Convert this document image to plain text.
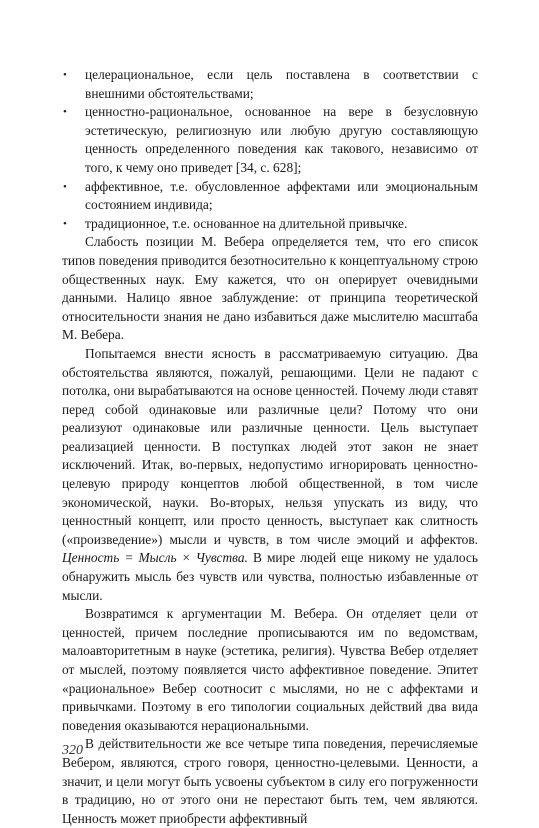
• целерациональное, если цель поставлена в соответствии с внешними обстоятельствами;
• ценностно-рациональное, основанное на вере в безусловную эстетическую, религиозную или любую другую составляющую ценность определенного поведения как такового, независимо от того, к чему оно приведет [34, с. 628];
• аффективное, т.е. обусловленное аффектами или эмоциональным состоянием индивида;
• традиционное, т.е. основанное на длительной привычке.

Слабость позиции М. Вебера определяется тем, что его список типов поведения приводится безотносительно к концептуальному строю общественных наук. Ему кажется, что он оперирует очевидными данными. Налицо явное заблуждение: от принципа теоретической относительности знания не дано избавиться даже мыслителю масштаба М. Вебера.

Попытаемся внести ясность в рассматриваемую ситуацию. Два обстоятельства являются, пожалуй, решающими. Цели не падают с потолка, они вырабатываются на основе ценностей. Почему люди ставят перед собой одинаковые или различные цели? Потому что они реализуют одинаковые или различные ценности. Цель выступает реализацией ценности. В поступках людей этот закон не знает исключений. Итак, во-первых, недопустимо игнорировать ценностно-целевую природу концептов любой общественной, в том числе экономической, науки. Во-вторых, нельзя упускать из виду, что ценностный концепт, или просто ценность, выступает как слитность («произведение») мысли и чувств, в том числе эмоций и аффектов. Ценность = Мысль × Чувства. В мире людей еще никому не удалось обнаружить мысль без чувств или чувства, полностью избавленные от мысли.

Возвратимся к аргументации М. Вебера. Он отделяет цели от ценностей, причем последние прописываются им по ведомствам, малоавторитетным в науке (эстетика, религия). Чувства Вебер отделяет от мыслей, поэтому появляется чисто аффективное поведение. Эпитет «рациональное» Вебер соотносит с мыслями, но не с аффектами и привычками. Поэтому в его типологии социальных действий два вида поведения оказываются нерациональными.

В действительности же все четыре типа поведения, перечисляемые Вебером, являются, строго говоря, ценностно-целевыми. Ценности, а значит, и цели могут быть усвоены субъектом в силу его погруженности в традицию, но от этого они не перестают быть тем, чем являются. Ценность может приобрести аффективный

320
